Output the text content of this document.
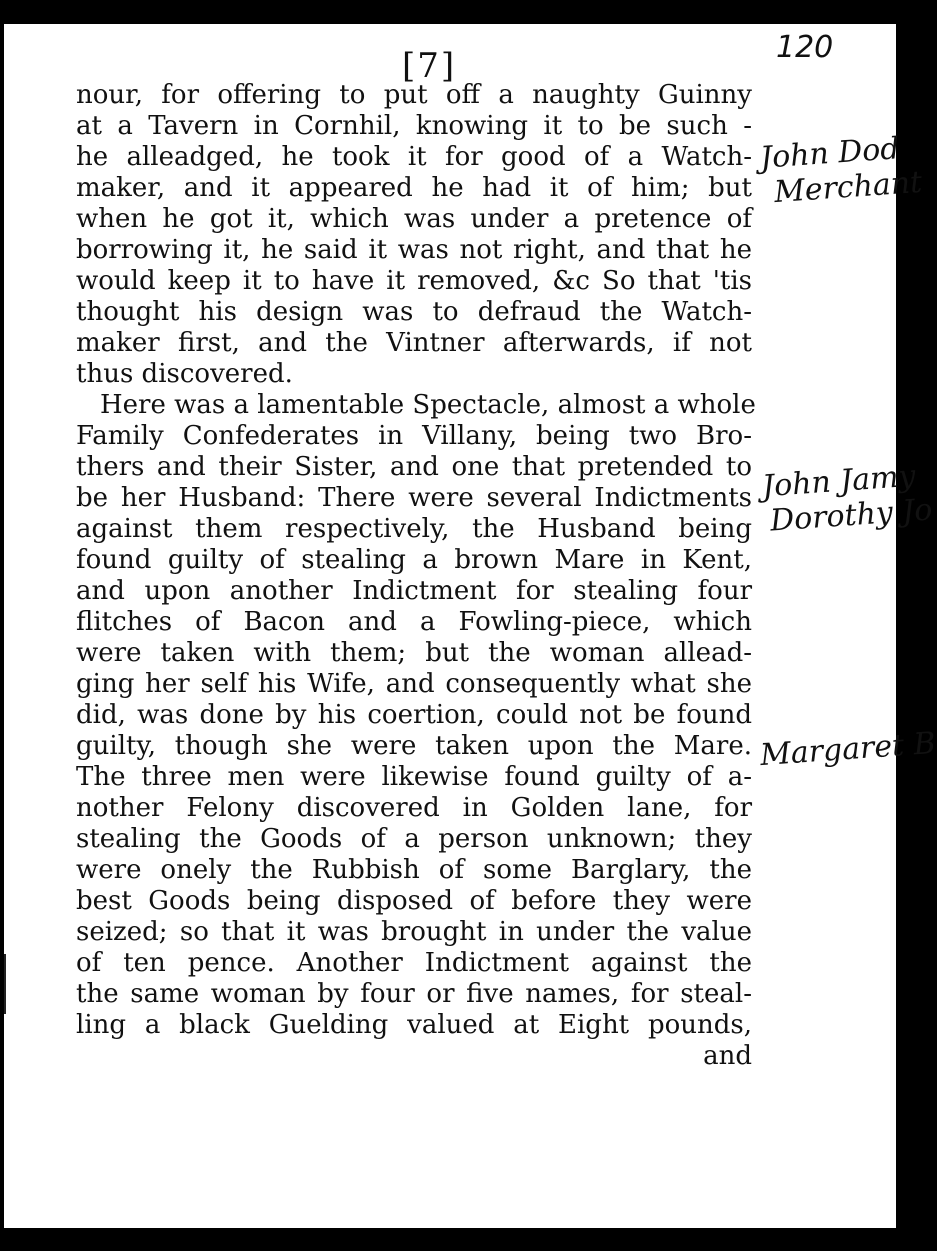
[7]	120
nour, for offering to put off a naughty Guinny
at a Tavern in Cornhil, knowing it to be such -
he alleadged, he took it for good of a Watch-
maker, and it appeared he had it of him; but
when he got it, which was under a pretence of
borrowing it, he said it was not right, and that he
would keep it to have it removed, &c So that 'tis
thought his design was to defraud the Watch-
maker first, and the Vintner afterwards, if not
thus discovered.
Here was a lamentable Spectacle, almost a whole
Family Confederates in Villany, being two Bro-
thers and their Sister, and one that pretended to
be her Husband: There were several Indictments
against them respectively, the Husband being
found guilty of stealing a brown Mare in Kent,
and upon another Indictment for stealing four
flitches of Bacon and a Fowling-piece, which
were taken with them; but the woman allead-
ging her self his Wife, and consequently what she
did, was done by his coertion, could not be found
guilty, though she were taken upon the Mare.
The three men were likewise found guilty of a-
nother Felony discovered in Golden lane, for
stealing the Goods of a person unknown; they
were onely the Rubbish of some Barglary, the
best Goods being disposed of before they were
seized; so that it was brought in under the value
of ten pence. Another Indictment against the
the same woman by four or five names, for steal-
ling a black Guelding valued at Eight pounds,
and
John Dod
Merchant
John Jamy
Dorothy Jo
Margaret B
